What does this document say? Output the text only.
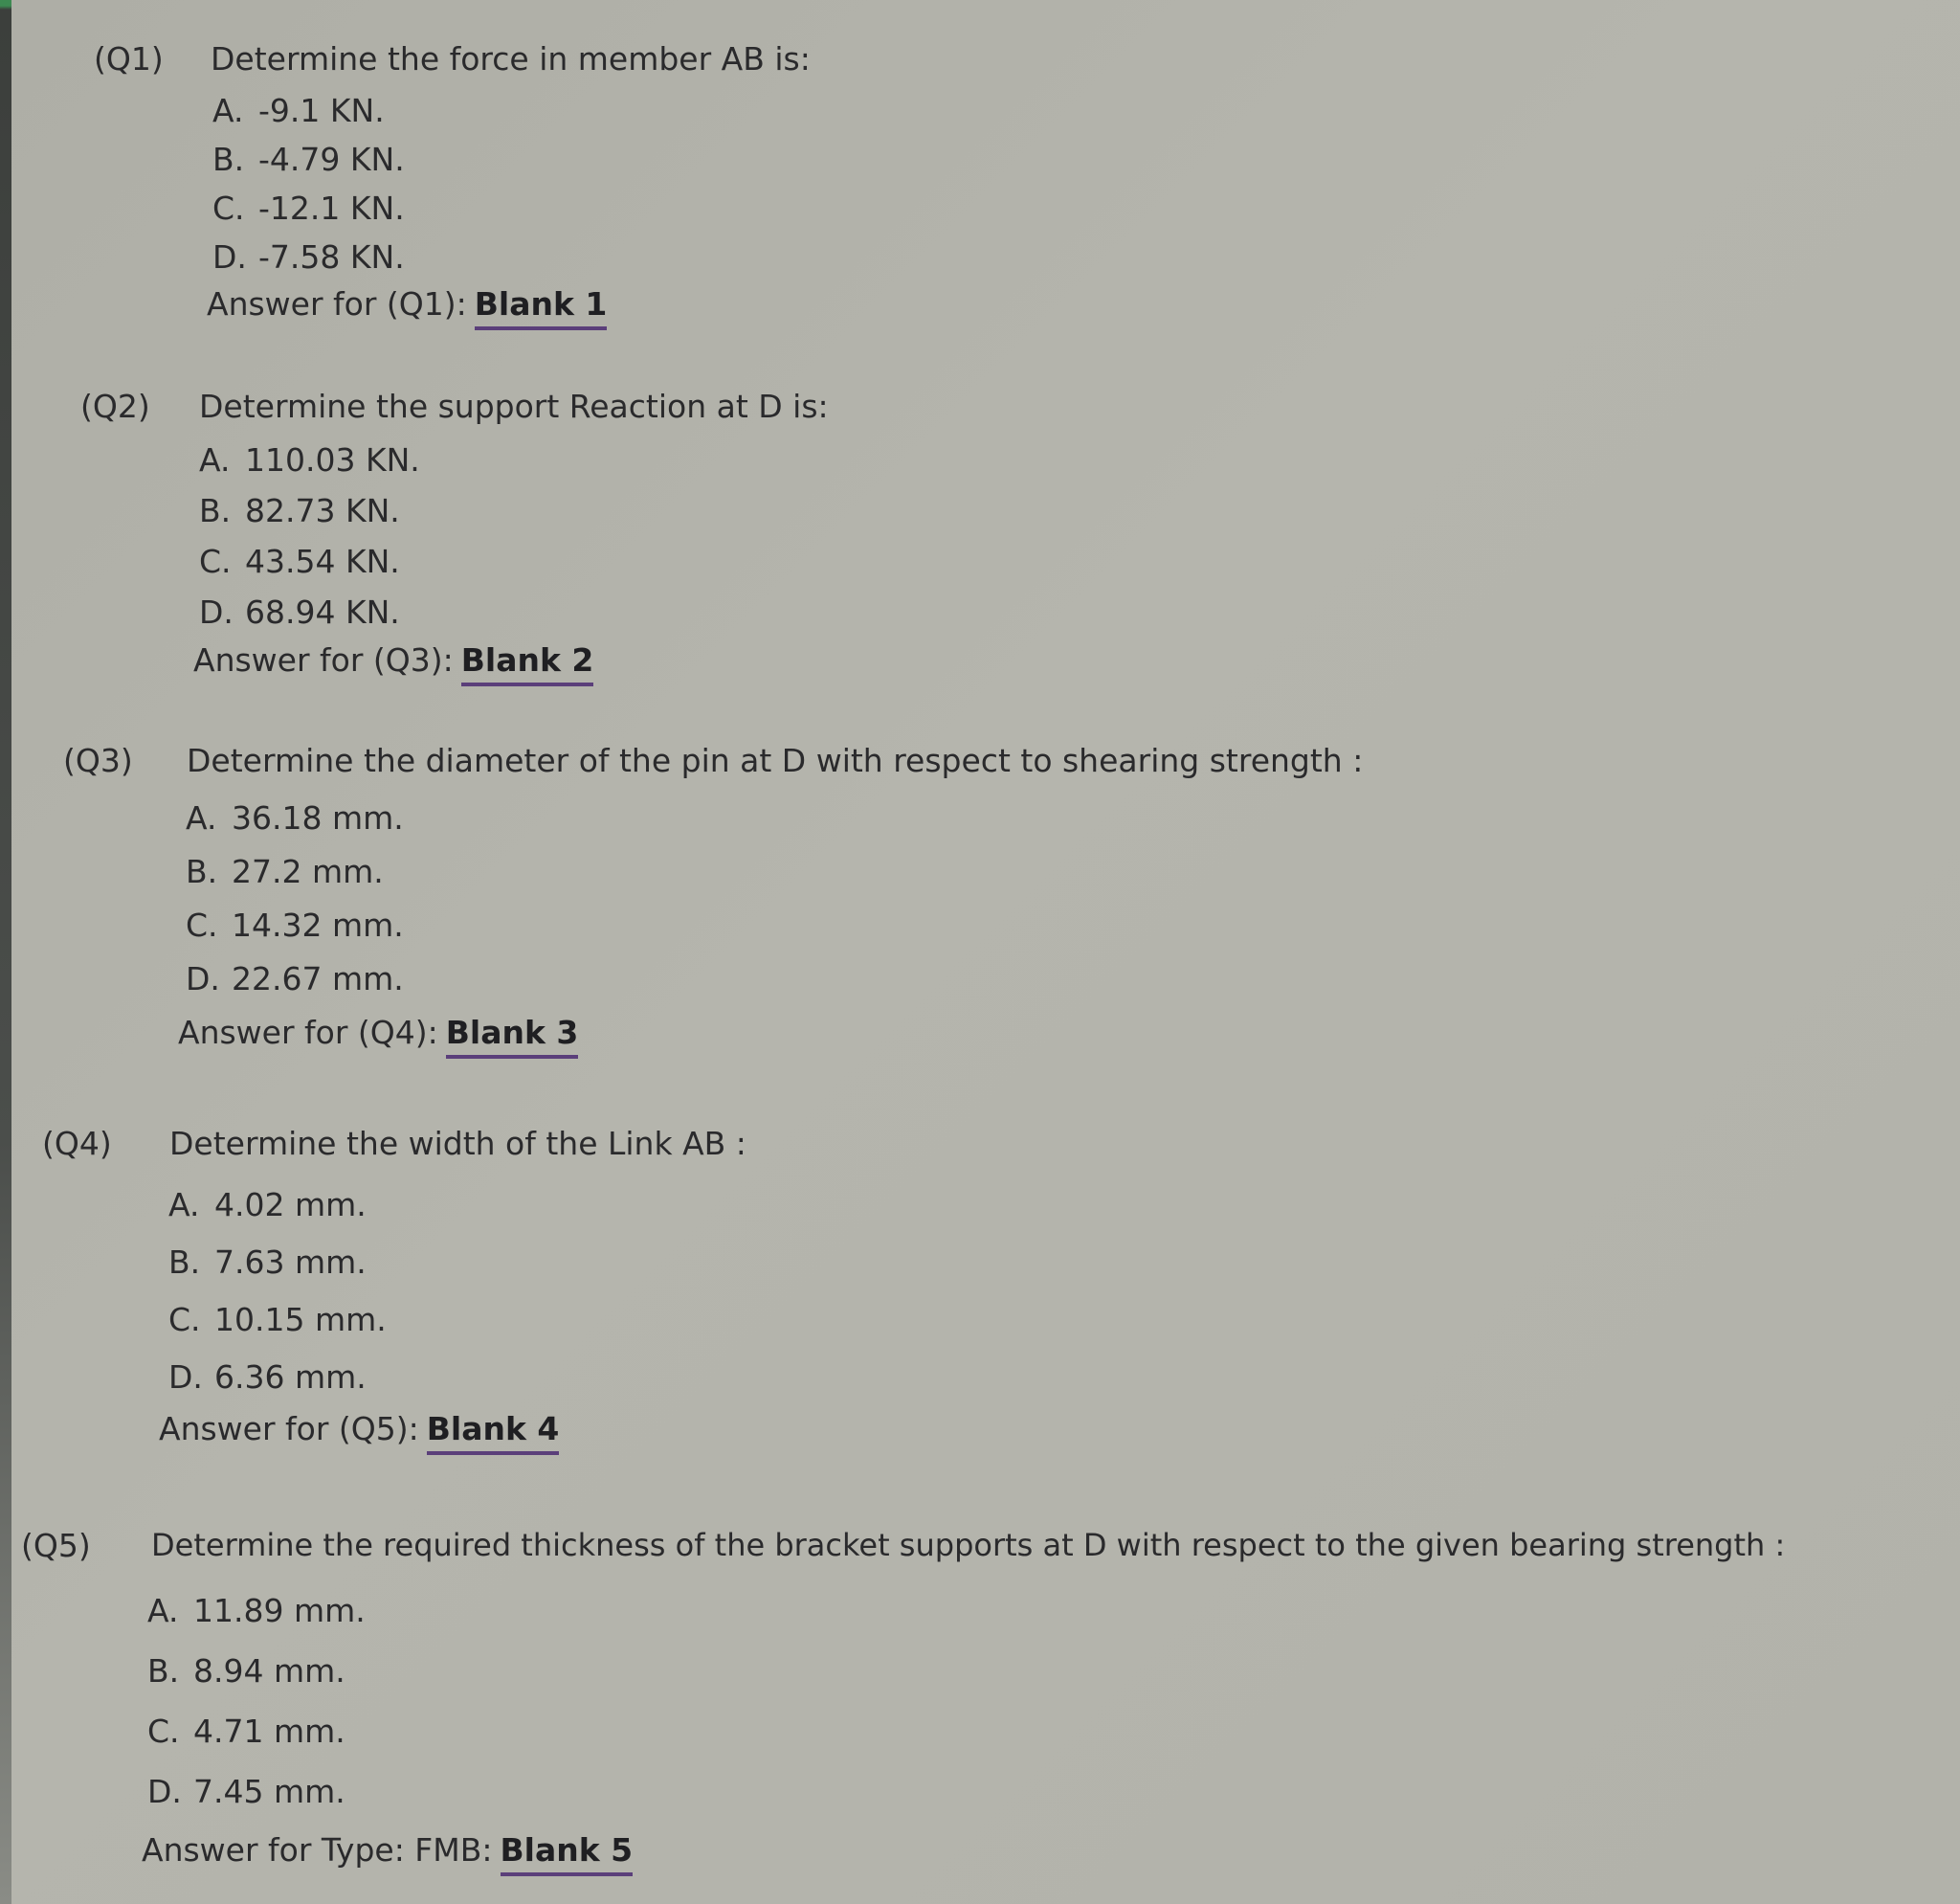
(Q1) Determine the force in member AB is:
A. -9.1 KN.
B. -4.79 KN.
C. -12.1 KN.
D. -7.58 KN.
Answer for (Q1): Blank 1
(Q2) Determine the support Reaction at D is:
A. 110.03 KN.
B. 82.73 KN.
C. 43.54 KN.
D. 68.94 KN.
Answer for (Q3): Blank 2
(Q3) Determine the diameter of the pin at D with respect to shearing strength :
A. 36.18 mm.
B. 27.2 mm.
C. 14.32 mm.
D. 22.67 mm.
Answer for (Q4): Blank 3
(Q4) Determine the width of the Link AB :
A. 4.02 mm.
B. 7.63 mm.
C. 10.15 mm.
D. 6.36 mm.
Answer for (Q5): Blank 4
(Q5) Determine the required thickness of the bracket supports at D with respect to the given bearing strength :
A. 11.89 mm.
B. 8.94 mm.
C. 4.71 mm.
D. 7.45 mm.
Answer for Type: FMB: Blank 5
